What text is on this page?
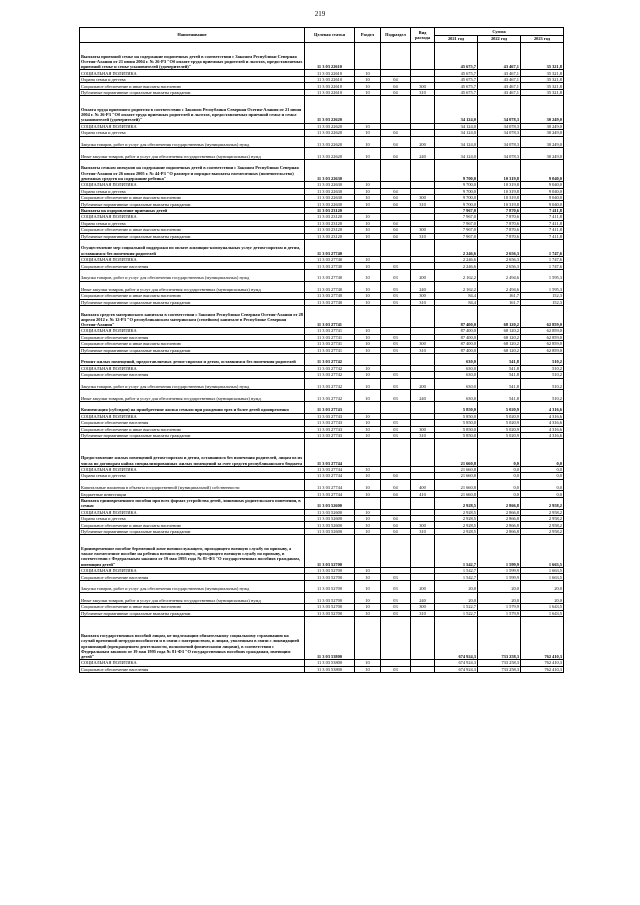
219
Наименование	Целевая статья	Раздел	Подраздел	Вид расхода	Сумма		
					2021 год	2022 год	2023 год
Выплаты приемной семье на содержание подопечных детей в соответствии с Законом Республики Северная Осетия-Алания от 21 июня 2004 г. № 26-РЗ "Об оплате труда приемных родителей и льготах, предоставляемых приемной семье и семье усыновителей (удочерителей)"	11 3 03 22610				45 675,7	43 467,1	35 321,8
СОЦИАЛЬНАЯ ПОЛИТИКА	11 3 03 22610	10			45 675,7	43 467,1	35 321,8
Охрана семьи и детства	11 3 03 22610	10	04		45 675,7	43 467,1	35 321,8
Социальное обеспечение и иные выплаты населению	11 3 03 22610	10	04	300	45 675,7	43 467,1	35 321,8
Публичные нормативные социальные выплаты гражданам	11 3 03 22610	10	04	310	45 675,7	43 467,1	35 321,8
Оплата труда приемного родителя в соответствии с Законом Республики Северная Осетия-Алания от 21 июня 2004 г. № 26-РЗ "Об оплате труда приемных родителей и льготах, предоставляемых приемной семье и семье усыновителей (удочерителей)"	11 3 03 22620				34 124,0	34 078,3	30 249,0
СОЦИАЛЬНАЯ ПОЛИТИКА	11 3 03 22620	10			34 124,0	34 078,3	30 249,0
Охрана семьи и детства	11 3 03 22620	10	04		34 124,0	34 078,3	30 249,0
Закупка товаров, работ и услуг для обеспечения государственных (муниципальных) нужд	11 3 03 22620	10	04	200	34 124,0	34 078,3	30 249,0
Иные закупки товаров, работ и услуг для обеспечения государственных (муниципальных) нужд	11 3 03 22620	10	04	240	34 124,0	34 078,3	30 249,0
Выплаты семьям опекунов на содержание подопечных детей в соответствии с Законом Республики Северная Осетия-Алания от 26 июля 2005 г. № 44-РЗ "О размере и порядке выплаты ежемесячных (попечительство) денежных средств на содержание ребенка"	11 3 03 22630				9 700,0	10 319,8	9 040,0
СОЦИАЛЬНАЯ ПОЛИТИКА	11 3 03 22630	10			9 700,0	10 319,8	9 040,0
Охрана семьи и детства	11 3 03 22630	10	04		9 700,0	10 319,8	9 040,0
Социальное обеспечение и иные выплаты населению	11 3 03 22630	10	04	300	9 700,0	10 319,8	9 040,0
Публичные нормативные социальные выплаты гражданам	11 3 03 22630	10	04	310	9 700,0	10 319,8	9 040,0
Выплаты на оздоровление приемных детей	11 3 03 23120				7 967,0	7 870,6	7 411,8
СОЦИАЛЬНАЯ ПОЛИТИКА	11 3 03 23120	10			7 967,0	7 870,6	7 411,8
Охрана семьи и детства	11 3 03 23120	10	04		7 967,0	7 870,6	7 411,8
Социальное обеспечение и иные выплаты населению	11 3 03 23120	10	04	300	7 967,0	7 870,6	7 411,8
Публичные нормативные социальные выплаты гражданам	11 3 03 23120	10	04	310	7 967,0	7 870,6	7 411,8
Осуществление мер социальной поддержки по оплате жилищно-коммунальных услуг детям-сиротам и детям, оставшимся без попечения родителей	11 3 03 27740				2 246,6	2 656,3	1 747,6
СОЦИАЛЬНАЯ ПОЛИТИКА	11 3 03 27740	10			2 246,6	2 656,3	1 747,6
Социальное обеспечение населения	11 3 03 27740	10	03		2 246,6	2 656,3	1 747,6
Закупка товаров, работ и услуг для обеспечения государственных (муниципальных) нужд	11 3 03 27740	10	03	200	2 162,2	2 494,6	1 595,3
Иные закупки товаров, работ и услуг для обеспечения государственных (муниципальных) нужд	11 3 03 27740	10	03	240	2 162,2	2 494,6	1 595,3
Социальное обеспечение и иные выплаты населению	11 3 03 27740	10	03	300	84,4	161,7	152,3
Публичные нормативные социальные выплаты гражданам	11 3 03 27740	10	03	310	84,4	161,7	152,3
Выплата средств материнского капитала в соответствии с Законом Республики Северная Осетия-Алания от 28 апреля 2012 г. № 12-РЗ "О республиканском материнском (семейном) капитале в Республике Северная Осетия-Алания"	11 3 03 27741				87 400,0	68 120,2	62 859,0
СОЦИАЛЬНАЯ ПОЛИТИКА	11 3 03 27741	10			87 400,0	68 120,2	62 859,0
Социальное обеспечение населения	11 3 03 27741	10	03		87 400,0	68 120,2	62 859,0
Социальное обеспечение и иные выплаты населению	11 3 03 27741	10	03	300	87 400,0	68 120,2	62 859,0
Публичные нормативные социальные выплаты гражданам	11 3 03 27741	10	03	310	87 400,0	68 120,2	62 859,0
Ремонт жилых помещений, предоставляемых детям-сиротам и детям, оставшимся без попечения родителей	11 3 03 27742				630,0	541,8	510,2
СОЦИАЛЬНАЯ ПОЛИТИКА	11 3 03 27742	10			630,0	541,8	510,2
Социальное обеспечение населения	11 3 03 27742	10	03		630,0	541,8	510,2
Закупка товаров, работ и услуг для обеспечения государственных (муниципальных) нужд	11 3 03 27742	10	03	200	630,0	541,8	510,2
Иные закупки товаров, работ и услуг для обеспечения государственных (муниципальных) нужд	11 3 03 27742	10	03	240	630,0	541,8	510,2
Компенсация (субсидия) на приобретение жилья семьям при рождении трех и более детей одновременно	11 3 03 27743				5 850,0	5 020,9	4 316,6
СОЦИАЛЬНАЯ ПОЛИТИКА	11 3 03 27743	10			5 850,0	5 020,9	4 316,6
Социальное обеспечение населения	11 3 03 27743	10	03		5 850,0	5 020,9	4 316,6
Социальное обеспечение и иные выплаты населению	11 3 03 27743	10	03	300	5 850,0	5 020,9	4 316,6
Публичные нормативные социальные выплаты гражданам	11 3 03 27743	10	03	310	5 850,0	5 020,9	4 316,6
Предоставление жилых помещений детям-сиротам и детям, оставшимся без попечения родителей, лицам из их числа по договорам найма специализированных жилых помещений за счет средств республиканского бюджета	11 3 03 27744				21 660,8	0,0	0,0
СОЦИАЛЬНАЯ ПОЛИТИКА	11 3 03 27744	10			21 660,8	0,0	0,0
Охрана семьи и детства	11 3 03 27744	10	04		21 660,8	0,0	0,0
Капитальные вложения в объекты государственной (муниципальной) собственности	11 3 03 27744	10	04	400	21 660,8	0,0	0,0
Бюджетные инвестиции	11 3 03 27744	10	04	410	21 660,8	0,0	0,0
Выплата единовременного пособия при всех формах устройства детей, лишенных родительского попечения, в семью	11 3 03 52600				2 928,5	2 866,8	2 958,2
СОЦИАЛЬНАЯ ПОЛИТИКА	11 3 03 52600	10			2 928,5	2 866,8	2 958,2
Охрана семьи и детства	11 3 03 52600	10	04		2 928,5	2 866,8	2 958,2
Социальное обеспечение и иные выплаты населению	11 3 03 52600	10	04	300	2 928,5	2 866,8	2 958,2
Публичные нормативные социальные выплаты гражданам	11 3 03 52600	10	04	310	2 928,5	2 866,8	2 958,2
Единовременное пособие беременной жене военнослужащего, проходящего военную службу по призыву, а также ежемесячное пособие на ребенка военнослужащего, проходящего военную службу по призыву, в соответствии с Федеральным законом от 19 мая 1995 года № 81-ФЗ "О государственных пособиях гражданам, имеющим детей"	11 3 03 52700				1 542,7	1 599,9	1 663,5
СОЦИАЛЬНАЯ ПОЛИТИКА	11 3 03 52700	10			1 542,7	1 599,9	1 663,5
Социальное обеспечение населения	11 3 03 52700	10	03		1 542,7	1 599,9	1 663,5
Закупка товаров, работ и услуг для обеспечения государственных (муниципальных) нужд	11 3 03 52700	10	03	200	20,0	20,0	20,0
Иные закупки товаров, работ и услуг для обеспечения государственных (муниципальных) нужд	11 3 03 52700	10	03	240	20,0	20,0	20,0
Социальное обеспечение и иные выплаты населению	11 3 03 52700	10	03	300	1 522,7	1 579,9	1 643,5
Публичные нормативные социальные выплаты гражданам	11 3 03 52700	10	03	310	1 522,7	1 579,9	1 643,5
Выплата государственных пособий лицам, не подлежащим обязательному социальному страхованию на случай временной нетрудоспособности и в связи с материнством, и лицам, уволенным в связи с ликвидацией организаций (прекращением деятельности, полномочий физическими лицами), в соответствии с Федеральным законом от 19 мая 1995 года № 81-ФЗ "О государственных пособиях гражданам, имеющим детей"	11 3 03 53800				674 924,3	733 258,3	762 410,3
СОЦИАЛЬНАЯ ПОЛИТИКА	11 3 03 53800	10			674 924,3	733 258,3	762 410,3
Социальное обеспечение населения	11 3 03 53800	10	03		674 924,3	733 258,3	762 410,3
